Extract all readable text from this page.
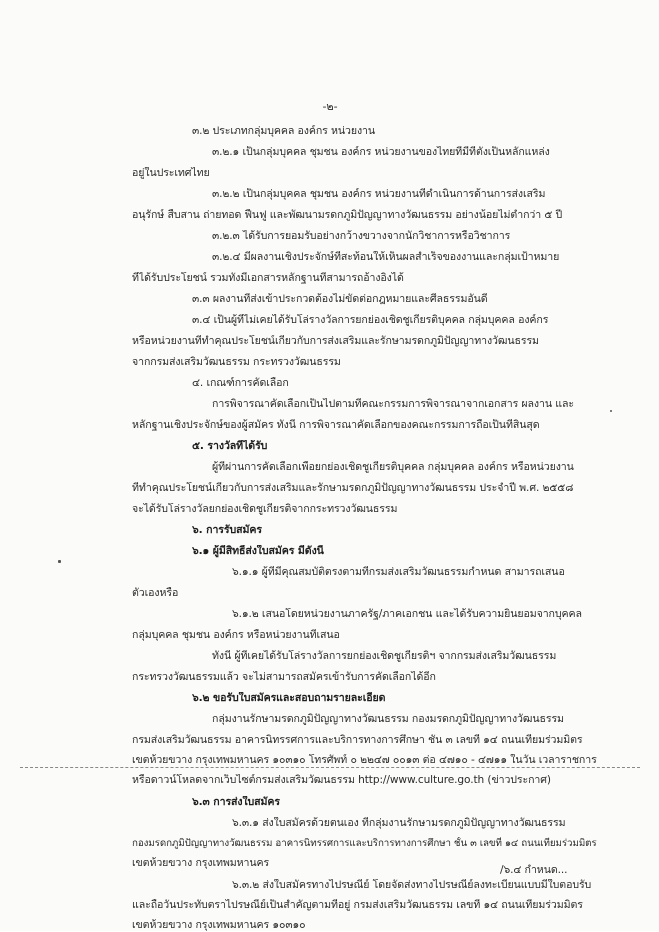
-๒-
๓.๒ ประเภทกลุ่มบุคคล องค์กร หน่วยงาน
๓.๒.๑ เป็นกลุ่มบุคคล ชุมชน องค์กร หน่วยงานของไทยที่มีที่ตั้งเป็นหลักแหล่ง
อยู่ในประเทศไทย
๓.๒.๒ เป็นกลุ่มบุคคล ชุมชน องค์กร หน่วยงานที่ดำเนินการด้านการส่งเสริม
อนุรักษ์ สืบสาน ถ่ายทอด ฟื้นฟู และพัฒนามรดกภูมิปัญญาทางวัฒนธรรม อย่างน้อยไม่ต่ำกว่า ๕ ปี
๓.๒.๓ ได้รับการยอมรับอย่างกว้างขวางจากนักวิชาการหรือวิชาการ
๓.๒.๔ มีผลงานเชิงประจักษ์ที่สะท้อนให้เห็นผลสำเร็จของงานและกลุ่มเป้าหมาย
ที่ได้รับประโยชน์ รวมทั้งมีเอกสารหลักฐานที่สามารถอ้างอิงได้
๓.๓ ผลงานที่ส่งเข้าประกวดต้องไม่ขัดต่อกฎหมายและศีลธรรมอันดี
๓.๔ เป็นผู้ที่ไม่เคยได้รับโล่รางวัลการยกย่องเชิดชูเกียรติบุคคล กลุ่มบุคคล องค์กร
หรือหน่วยงานที่ทำคุณประโยชน์เกี่ยวกับการส่งเสริมและรักษามรดกภูมิปัญญาทางวัฒนธรรม
จากกรมส่งเสริมวัฒนธรรม กระทรวงวัฒนธรรม
๔. เกณฑ์การคัดเลือก
การพิจารณาคัดเลือกเป็นไปตามที่คณะกรรมการพิจารณาจากเอกสาร ผลงาน และ
หลักฐานเชิงประจักษ์ของผู้สมัคร ทั้งนี้ การพิจารณาคัดเลือกของคณะกรรมการถือเป็นที่สิ้นสุด
๕. รางวัลที่ได้รับ
ผู้ที่ผ่านการคัดเลือกเพื่อยกย่องเชิดชูเกียรติบุคคล กลุ่มบุคคล องค์กร หรือหน่วยงาน
ที่ทำคุณประโยชน์เกี่ยวกับการส่งเสริมและรักษามรดกภูมิปัญญาทางวัฒนธรรม ประจำปี พ.ศ. ๒๕๕๘
จะได้รับโล่รางวัลยกย่องเชิดชูเกียรติจากกระทรวงวัฒนธรรม
๖. การรับสมัคร
๖.๑ ผู้มีสิทธิ์ส่งใบสมัคร มีดังนี้
๖.๑.๑ ผู้ที่มีคุณสมบัติตรงตามที่กรมส่งเสริมวัฒนธรรมกำหนด สามารถเสนอ
ตัวเองหรือ
๖.๑.๒ เสนอโดยหน่วยงานภาครัฐ/ภาคเอกชน และได้รับความยินยอมจากบุคคล
กลุ่มบุคคล ชุมชน องค์กร หรือหน่วยงานที่เสนอ
ทั้งนี้ ผู้ที่เคยได้รับโล่รางวัลการยกย่องเชิดชูเกียรติฯ จากกรมส่งเสริมวัฒนธรรม
กระทรวงวัฒนธรรมแล้ว จะไม่สามารถสมัครเข้ารับการคัดเลือกได้อีก
๖.๒ ขอรับใบสมัครและสอบถามรายละเอียด
กลุ่มงานรักษามรดกภูมิปัญญาทางวัฒนธรรม กองมรดกภูมิปัญญาทางวัฒนธรรม
กรมส่งเสริมวัฒนธรรม อาคารนิทรรศการและบริการทางการศึกษา ชั้น ๓ เลขที่ ๑๔ ถนนเทียมร่วมมิตร
เขตห้วยขวาง กรุงเทพมหานคร ๑๐๓๑๐ โทรศัพท์ ๐ ๒๒๔๗ ๐๐๑๓ ต่อ ๔๗๑๐ - ๔๗๑๑ ในวัน เวลาราชการ
หรือดาวน์โหลดจากเว็บไซต์กรมส่งเสริมวัฒนธรรม http://www.culture.go.th (ข่าวประกาศ)
๖.๓ การส่งใบสมัคร
๖.๓.๑ ส่งใบสมัครด้วยตนเอง ที่กลุ่มงานรักษามรดกภูมิปัญญาทางวัฒนธรรม
กองมรดกภูมิปัญญาทางวัฒนธรรม อาคารนิทรรศการและบริการทางการศึกษา ชั้น ๓ เลขที่ ๑๔ ถนนเทียมร่วมมิตร
เขตห้วยขวาง กรุงเทพมหานคร
๖.๓.๒ ส่งใบสมัครทางไปรษณีย์ โดยจัดส่งทางไปรษณีย์ลงทะเบียนแบบมีใบตอบรับ
และถือวันประทับตราไปรษณีย์เป็นสำคัญตามที่อยู่ กรมส่งเสริมวัฒนธรรม เลขที่ ๑๔ ถนนเทียมร่วมมิตร
เขตห้วยขวาง กรุงเทพมหานคร ๑๐๓๑๐
/๖.๔ กำหนด...
